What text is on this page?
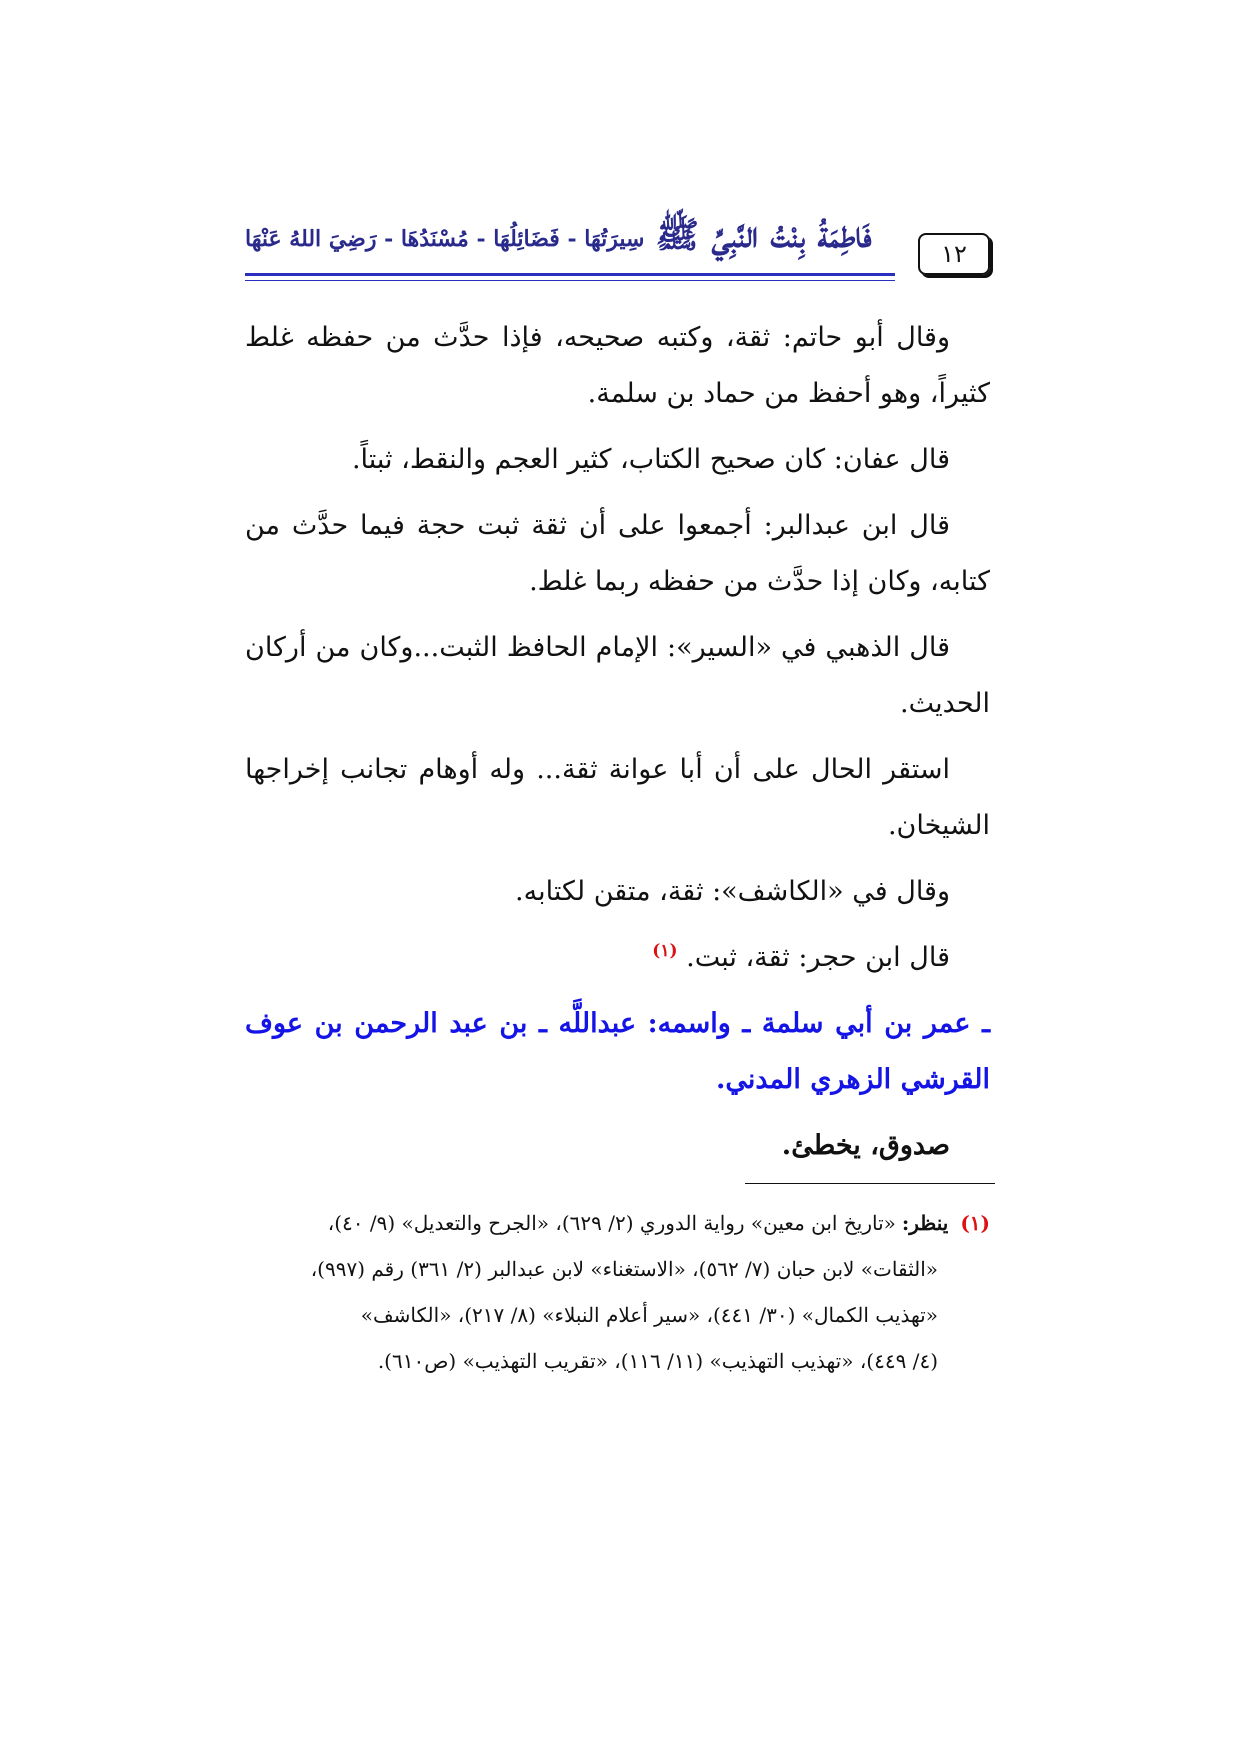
١٢
فَاطِمَةُ بِنْتُ النَّبِيِّ ﷺ سِيرَتُهَا - فَضَائِلُهَا - مُسْنَدُهَا - رَضِيَ اللهُ عَنْهَا

وقال أبو حاتم: ثقة، وكتبه صحيحه، فإذا حدَّث من حفظه غلط كثيراً، وهو أحفظ من حماد بن سلمة.

قال عفان: كان صحيح الكتاب، كثير العجم والنقط، ثبتاً.

قال ابن عبدالبر: أجمعوا على أن ثقة ثبت حجة فيما حدَّث من كتابه، وكان إذا حدَّث من حفظه ربما غلط.

قال الذهبي في «السير»: الإمام الحافظ الثبت...وكان من أركان الحديث.

استقر الحال على أن أبا عوانة ثقة... وله أوهام تجانب إخراجها الشيخان.

وقال في «الكاشف»: ثقة، متقن لكتابه.

قال ابن حجر: ثقة، ثبت. $^{(١)}$

ـ عمر بن أبي سلمة ـ واسمه: عبداللَّه ـ بن عبد الرحمن بن عوف القرشي الزهري المدني.

صدوق، يخطئ.

(١)ينظر:«تاريخ ابن معين» رواية الدوري (٢/ ٦٢٩)، «الجرح والتعديل» (٩/ ٤٠)،
«الثقات» لابن حبان (٧/ ٥٦٢)، «الاستغناء» لابن عبدالبر (٢/ ٣٦١) رقم (٩٩٧)،
«تهذيب الكمال» (٣٠/ ٤٤١)، «سير أعلام النبلاء» (٨/ ٢١٧)، «الكاشف»
(٤/ ٤٤٩)، «تهذيب التهذيب» (١١/ ١١٦)، «تقريب التهذيب» (ص٦١٠).
